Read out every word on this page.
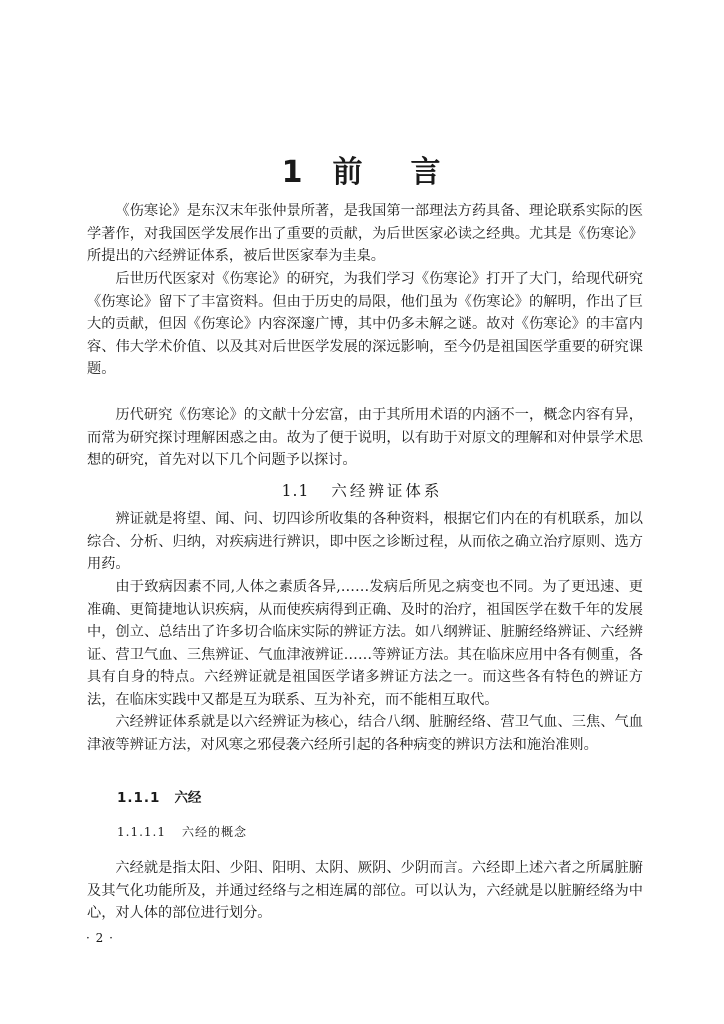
1 前 言

《伤寒论》是东汉末年张仲景所著，是我国第一部理法方药具备、理论联系实际的医学著作，对我国医学发展作出了重要的贡献，为后世医家必读之经典。尤其是《伤寒论》所提出的六经辨证体系，被后世医家奉为圭臬。

后世历代医家对《伤寒论》的研究，为我们学习《伤寒论》打开了大门，给现代研究《伤寒论》留下了丰富资料。但由于历史的局限，他们虽为《伤寒论》的解明，作出了巨大的贡献，但因《伤寒论》内容深邃广博，其中仍多未解之谜。故对《伤寒论》的丰富内容、伟大学术价值、以及其对后世医学发展的深远影响，至今仍是祖国医学重要的研究课题。

历代研究《伤寒论》的文献十分宏富，由于其所用术语的内涵不一，概念内容有异，而常为研究探讨理解困惑之由。故为了便于说明，以有助于对原文的理解和对仲景学术思想的研究，首先对以下几个问题予以探讨。

1.1 六经辨证体系

辨证就是将望、闻、问、切四诊所收集的各种资料，根据它们内在的有机联系，加以综合、分析、归纳，对疾病进行辨识，即中医之诊断过程，从而依之确立治疗原则、选方用药。

由于致病因素不同,人体之素质各异,……发病后所见之病变也不同。为了更迅速、更准确、更简捷地认识疾病，从而使疾病得到正确、及时的治疗，祖国医学在数千年的发展中，创立、总结出了许多切合临床实际的辨证方法。如八纲辨证、脏腑经络辨证、六经辨证、营卫气血、三焦辨证、气血津液辨证……等辨证方法。其在临床应用中各有侧重，各具有自身的特点。六经辨证就是祖国医学诸多辨证方法之一。而这些各有特色的辨证方法，在临床实践中又都是互为联系、互为补充，而不能相互取代。

六经辨证体系就是以六经辨证为核心，结合八纲、脏腑经络、营卫气血、三焦、气血津液等辨证方法，对风寒之邪侵袭六经所引起的各种病变的辨识方法和施治准则。

1.1.1 六经
1.1.1.1 六经的概念

六经就是指太阳、少阳、阳明、太阴、厥阴、少阴而言。六经即上述六者之所属脏腑及其气化功能所及，并通过经络与之相连属的部位。可以认为，六经就是以脏腑经络为中心，对人体的部位进行划分。

· 2 ·
